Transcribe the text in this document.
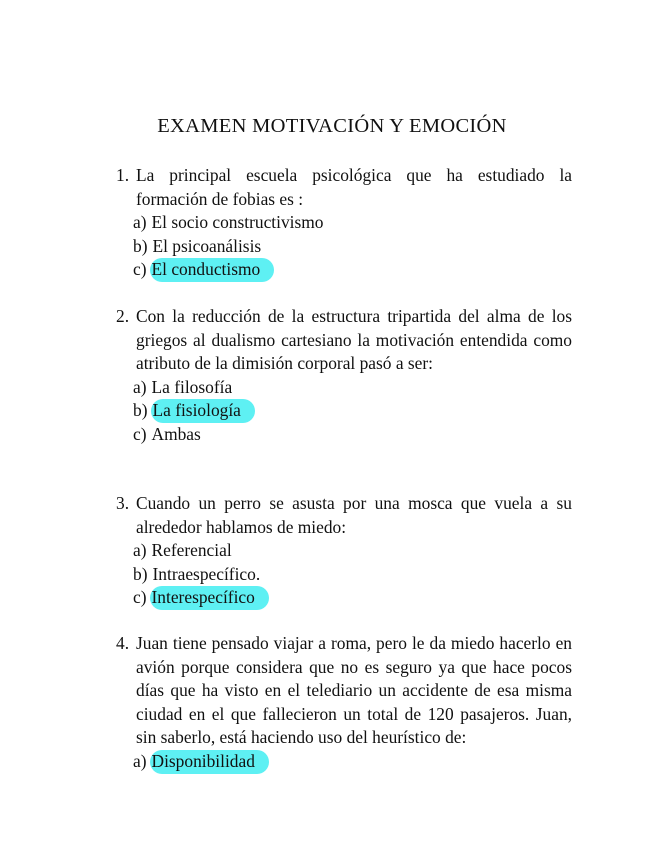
EXAMEN MOTIVACIÓN Y EMOCIÓN
1. La principal escuela psicológica que ha estudiado la formación de fobias es :
a) El socio constructivismo
b) El psicoanálisis
c) El conductismo
2. Con la reducción de la estructura tripartida del alma de los griegos al dualismo cartesiano la motivación entendida como atributo de la dimisión corporal pasó a ser:
a) La filosofía
b) La fisiología
c) Ambas
3. Cuando un perro se asusta por una mosca que vuela a su alrededor hablamos de miedo:
a) Referencial
b) Intraespecífico.
c) Interespecífico
4. Juan tiene pensado viajar a roma, pero le da miedo hacerlo en avión porque considera que no es seguro ya que hace pocos días que ha visto en el telediario un accidente de esa misma ciudad en el que fallecieron un total de 120 pasajeros. Juan, sin saberlo, está haciendo uso del heurístico de:
a) Disponibilidad
